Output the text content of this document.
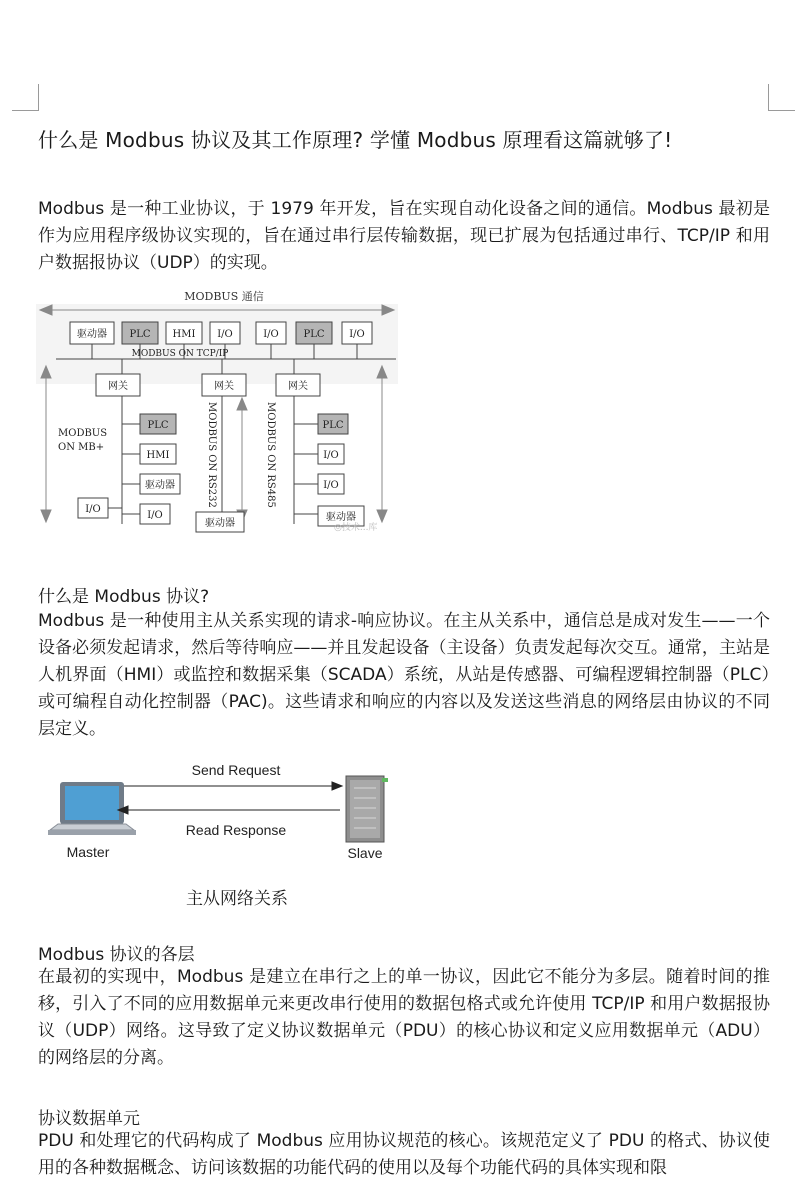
什么是 Modbus 协议及其工作原理? 学懂 Modbus 原理看这篇就够了!
Modbus 是一种工业协议，于 1979 年开发，旨在实现自动化设备之间的通信。Modbus 最初是作为应用程序级协议实现的，旨在通过串行层传输数据，现已扩展为包括通过串行、TCP/IP 和用户数据报协议（UDP）的实现。
MODBUS 通信
驱动器 PLC HMI I/O	I/O PLC I/O
MODBUS ON TCP/IP
网关	网关	网关
MODBUS ON MB+
PLC
HMI
驱动器
I/O
I/O
MODBUS ON RS232
驱动器
MODBUS ON RS485	PLC
I/O
I/O
驱动器
◎技术...库
什么是 Modbus 协议?
Modbus 是一种使用主从关系实现的请求-响应协议。在主从关系中，通信总是成对发生——一个设备必须发起请求，然后等待响应——并且发起设备（主设备）负责发起每次交互。通常，主站是人机界面（HMI）或监控和数据采集（SCADA）系统，从站是传感器、可编程逻辑控制器（PLC）或可编程自动化控制器（PAC)。这些请求和响应的内容以及发送这些消息的网络层由协议的不同层定义。
Send Request
Read Response
Master	Slave
主从网络关系
Modbus 协议的各层
在最初的实现中，Modbus 是建立在串行之上的单一协议，因此它不能分为多层。随着时间的推移，引入了不同的应用数据单元来更改串行使用的数据包格式或允许使用 TCP/IP 和用户数据报协议（UDP）网络。这导致了定义协议数据单元（PDU）的核心协议和定义应用数据单元（ADU）的网络层的分离。
协议数据单元
PDU 和处理它的代码构成了 Modbus 应用协议规范的核心。该规范定义了 PDU 的格式、协议使用的各种数据概念、访问该数据的功能代码的使用以及每个功能代码的具体实现和限
